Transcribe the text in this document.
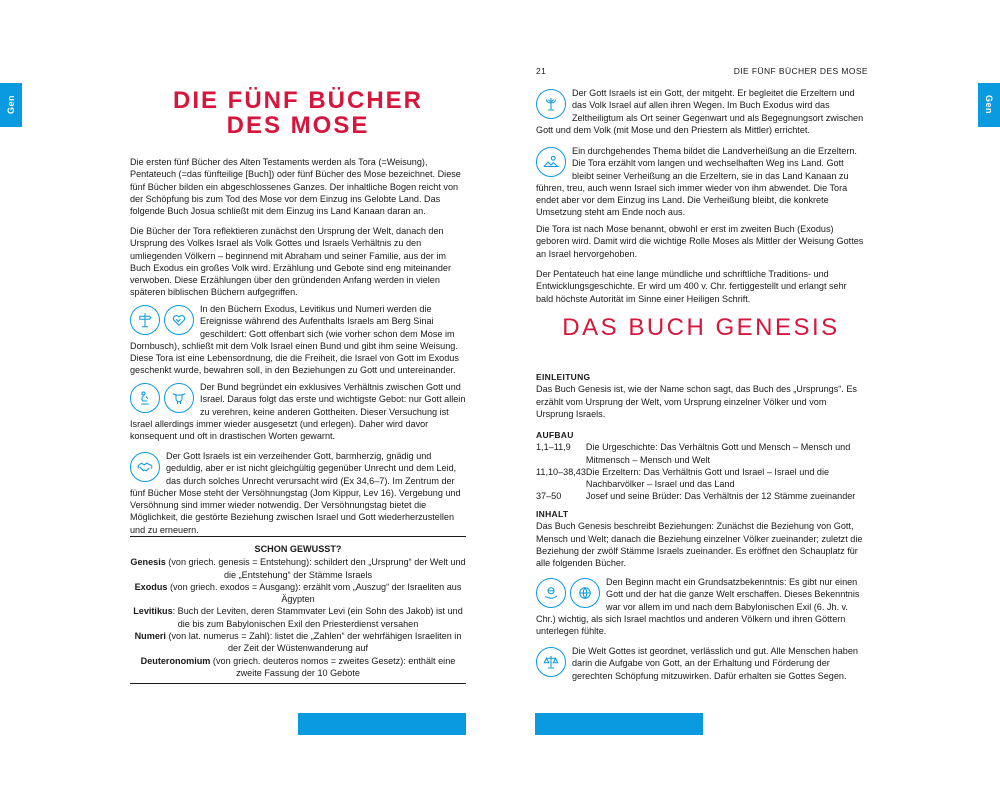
Gen	DIE FÜNF BÜCHER
DES MOSE

Die ersten fünf Bücher des Alten Testaments werden als Tora (=Weisung), Pentateuch (=das fünfteilige [Buch]) oder fünf Bücher des Mose bezeichnet. Diese fünf Bücher bilden ein abgeschlossenes Ganzes. Der inhaltliche Bogen reicht von der Schöpfung bis zum Tod des Mose vor dem Einzug ins Gelobte Land. Das folgende Buch Josua schließt mit dem Einzug ins Land Kanaan daran an.

Die Bücher der Tora reflektieren zunächst den Ursprung der Welt, danach den Ursprung des Volkes Israel als Volk Gottes und Israels Verhältnis zu den umliegenden Völkern – beginnend mit Abraham und seiner Familie, aus der im Buch Exodus ein großes Volk wird. Erzählung und Gebote sind eng miteinander verwoben. Diese Erzählungen über den gründenden Anfang werden in vielen späteren biblischen Büchern aufgegriffen.

In den Büchern Exodus, Levitikus und Numeri werden die Ereignisse während des Aufenthalts Israels am Berg Sinai geschildert: Gott offenbart sich (wie vorher schon dem Mose im Dornbusch), schließt mit dem Volk Israel einen Bund und gibt ihm seine Weisung. Diese Tora ist eine Lebensordnung, die die Freiheit, die Israel von Gott im Exodus geschenkt wurde, bewahren soll, in den Beziehungen zu Gott und untereinander.

Der Bund begründet ein exklusives Verhältnis zwischen Gott und Israel. Daraus folgt das erste und wichtigste Gebot: nur Gott allein zu verehren, keine anderen Gottheiten. Dieser Versuchung ist Israel allerdings immer wieder ausgesetzt (und erlegen). Daher wird davor konsequent und oft in drastischen Worten gewarnt.

Der Gott Israels ist ein verzeihender Gott, barmherzig, gnädig und geduldig, aber er ist nicht gleichgültig gegenüber Unrecht und dem Leid, das durch solches Unrecht verursacht wird (Ex 34,6–7). Im Zentrum der fünf Bücher Mose steht der Versöhnungstag (Jom Kippur, Lev 16). Vergebung und Versöhnung sind immer wieder notwendig. Der Versöhnungstag bietet die Möglichkeit, die gestörte Beziehung zwischen Israel und Gott wiederherzustellen und zu erneuern.

SCHON GEWUSST?

Genesis (von griech. genesis = Entstehung): schildert den „Ursprung“ der Welt und die „Entstehung“ der Stämme Israels

Exodus (von griech. exodos = Ausgang): erzählt vom „Auszug“ der Israeliten aus Ägypten

Levitikus: Buch der Leviten, deren Stammvater Levi (ein Sohn des Jakob) ist und die bis zum Babylonischen Exil den Priesterdienst versahen

Numeri (von lat. numerus = Zahl): listet die „Zahlen“ der wehrfähigen Israeliten in der Zeit der Wüstenwanderung auf

Deuteronomium (von griech. deuteros nomos = zweites Gesetz): enthält eine zweite Fassung der 10 Gebote

21	DIE FÜNF BÜCHER DES MOSE
Gen

Der Gott Israels ist ein Gott, der mitgeht. Er begleitet die Erzeltern und das Volk Israel auf allen ihren Wegen. Im Buch Exodus wird das Zeltheiligtum als Ort seiner Gegenwart und als Begegnungsort zwischen Gott und dem Volk (mit Mose und den Priestern als Mittler) errichtet.

Ein durchgehendes Thema bildet die Landverheißung an die Erzeltern. Die Tora erzählt vom langen und wechselhaften Weg ins Land. Gott bleibt seiner Verheißung an die Erzeltern, sie in das Land Kanaan zu führen, treu, auch wenn Israel sich immer wieder von ihm abwendet. Die Tora endet aber vor dem Einzug ins Land. Die Verheißung bleibt, die konkrete Umsetzung steht am Ende noch aus.

Die Tora ist nach Mose benannt, obwohl er erst im zweiten Buch (Exodus) geboren wird. Damit wird die wichtige Rolle Moses als Mittler der Weisung Gottes an Israel hervorgehoben.

Der Pentateuch hat eine lange mündliche und schriftliche Traditions- und Entwicklungsgeschichte. Er wird um 400 v. Chr. fertiggestellt und erlangt sehr bald höchste Autorität im Sinne einer Heiligen Schrift.

DAS BUCH GENESIS
EINLEITUNG

Das Buch Genesis ist, wie der Name schon sagt, das Buch des „Ursprungs“. Es erzählt vom Ursprung der Welt, vom Ursprung einzelner Völker und vom Ursprung Israels.

AUFBAU
1,1–11,9	Die Urgeschichte: Das Verhältnis Gott und Mensch – Mensch und Mitmensch – Mensch und Welt
11,10–38,43	Die Erzeltern: Das Verhältnis Gott und Israel – Israel und die Nachbarvölker – Israel und das Land
37–50	Josef und seine Brüder: Das Verhältnis der 12 Stämme zueinander
INHALT

Das Buch Genesis beschreibt Beziehungen: Zunächst die Beziehung von Gott, Mensch und Welt; danach die Beziehung einzelner Völker zueinander; zuletzt die Beziehung der zwölf Stämme Israels zueinander. Es eröffnet den Schauplatz für alle folgenden Bücher.

Den Beginn macht ein Grundsatzbekenntnis: Es gibt nur einen Gott und der hat die ganze Welt erschaffen. Dieses Bekenntnis war vor allem im und nach dem Babylonischen Exil (6. Jh. v. Chr.) wichtig, als sich Israel machtlos und anderen Völkern und ihren Göttern unterlegen fühlte.

Die Welt Gottes ist geordnet, verlässlich und gut. Alle Menschen haben darin die Aufgabe von Gott, an der Erhaltung und Förderung der gerechten Schöpfung mitzuwirken. Dafür erhalten sie Gottes Segen.
